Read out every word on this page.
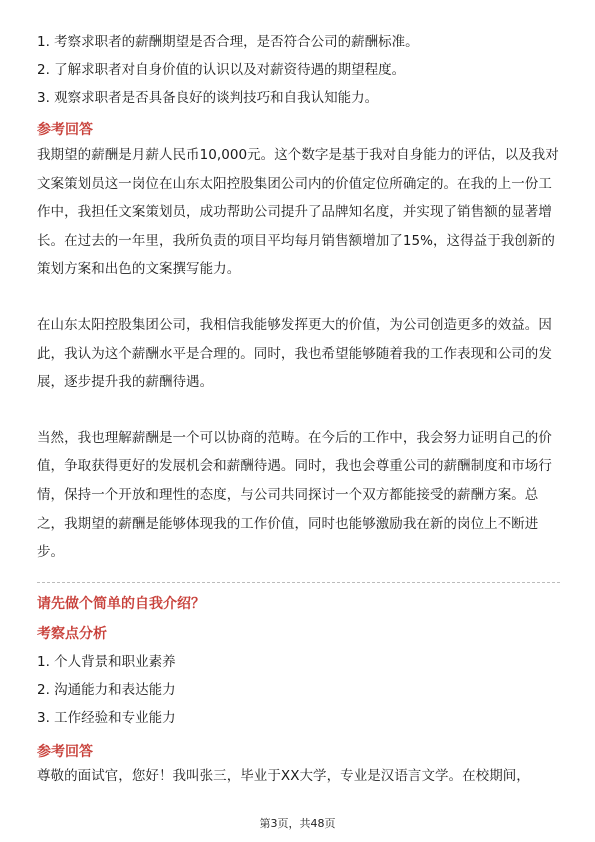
1. 考察求职者的薪酬期望是否合理，是否符合公司的薪酬标准。
2. 了解求职者对自身价值的认识以及对薪资待遇的期望程度。
3. 观察求职者是否具备良好的谈判技巧和自我认知能力。
参考回答

我期望的薪酬是月薪人民币10,000元。这个数字是基于我对自身能力的评估，以及我对文案策划员这一岗位在山东太阳控股集团公司内的价值定位所确定的。在我的上一份工作中，我担任文案策划员，成功帮助公司提升了品牌知名度，并实现了销售额的显著增长。在过去的一年里，我所负责的项目平均每月销售额增加了15%，这得益于我创新的策划方案和出色的文案撰写能力。

在山东太阳控股集团公司，我相信我能够发挥更大的价值，为公司创造更多的效益。因此，我认为这个薪酬水平是合理的。同时，我也希望能够随着我的工作表现和公司的发展，逐步提升我的薪酬待遇。

当然，我也理解薪酬是一个可以协商的范畴。在今后的工作中，我会努力证明自己的价值，争取获得更好的发展机会和薪酬待遇。同时，我也会尊重公司的薪酬制度和市场行情，保持一个开放和理性的态度，与公司共同探讨一个双方都能接受的薪酬方案。总之，我期望的薪酬是能够体现我的工作价值，同时也能够激励我在新的岗位上不断进步。

请先做个简单的自我介绍？
考察点分析
1. 个人背景和职业素养
2. 沟通能力和表达能力
3. 工作经验和专业能力
参考回答

尊敬的面试官，您好！我叫张三，毕业于XX大学，专业是汉语言文学。在校期间，

第3页，共48页
